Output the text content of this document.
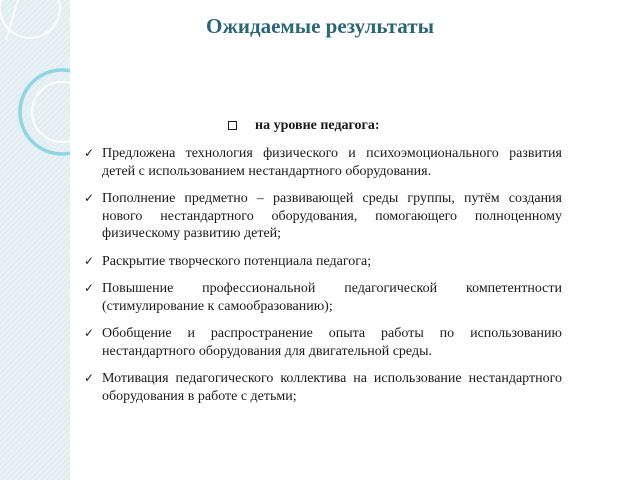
Ожидаемые результаты
на уровне педагога:
✓ Предложена технология физического и психоэмоционального развития детей с использованием нестандартного оборудования.
✓ Пополнение предметно – развивающей среды группы, путём создания нового нестандартного оборудования, помогающего полноценному физическому развитию детей;
✓ Раскрытие творческого потенциала педагога;
✓ Повышение профессиональной педагогической компетентности (стимулирование к самообразованию);
✓ Обобщение и распространение опыта работы по использованию нестандартного оборудования для двигательной среды.
✓ Мотивация педагогического коллектива на использование нестандартного оборудования в работе с детьми;
